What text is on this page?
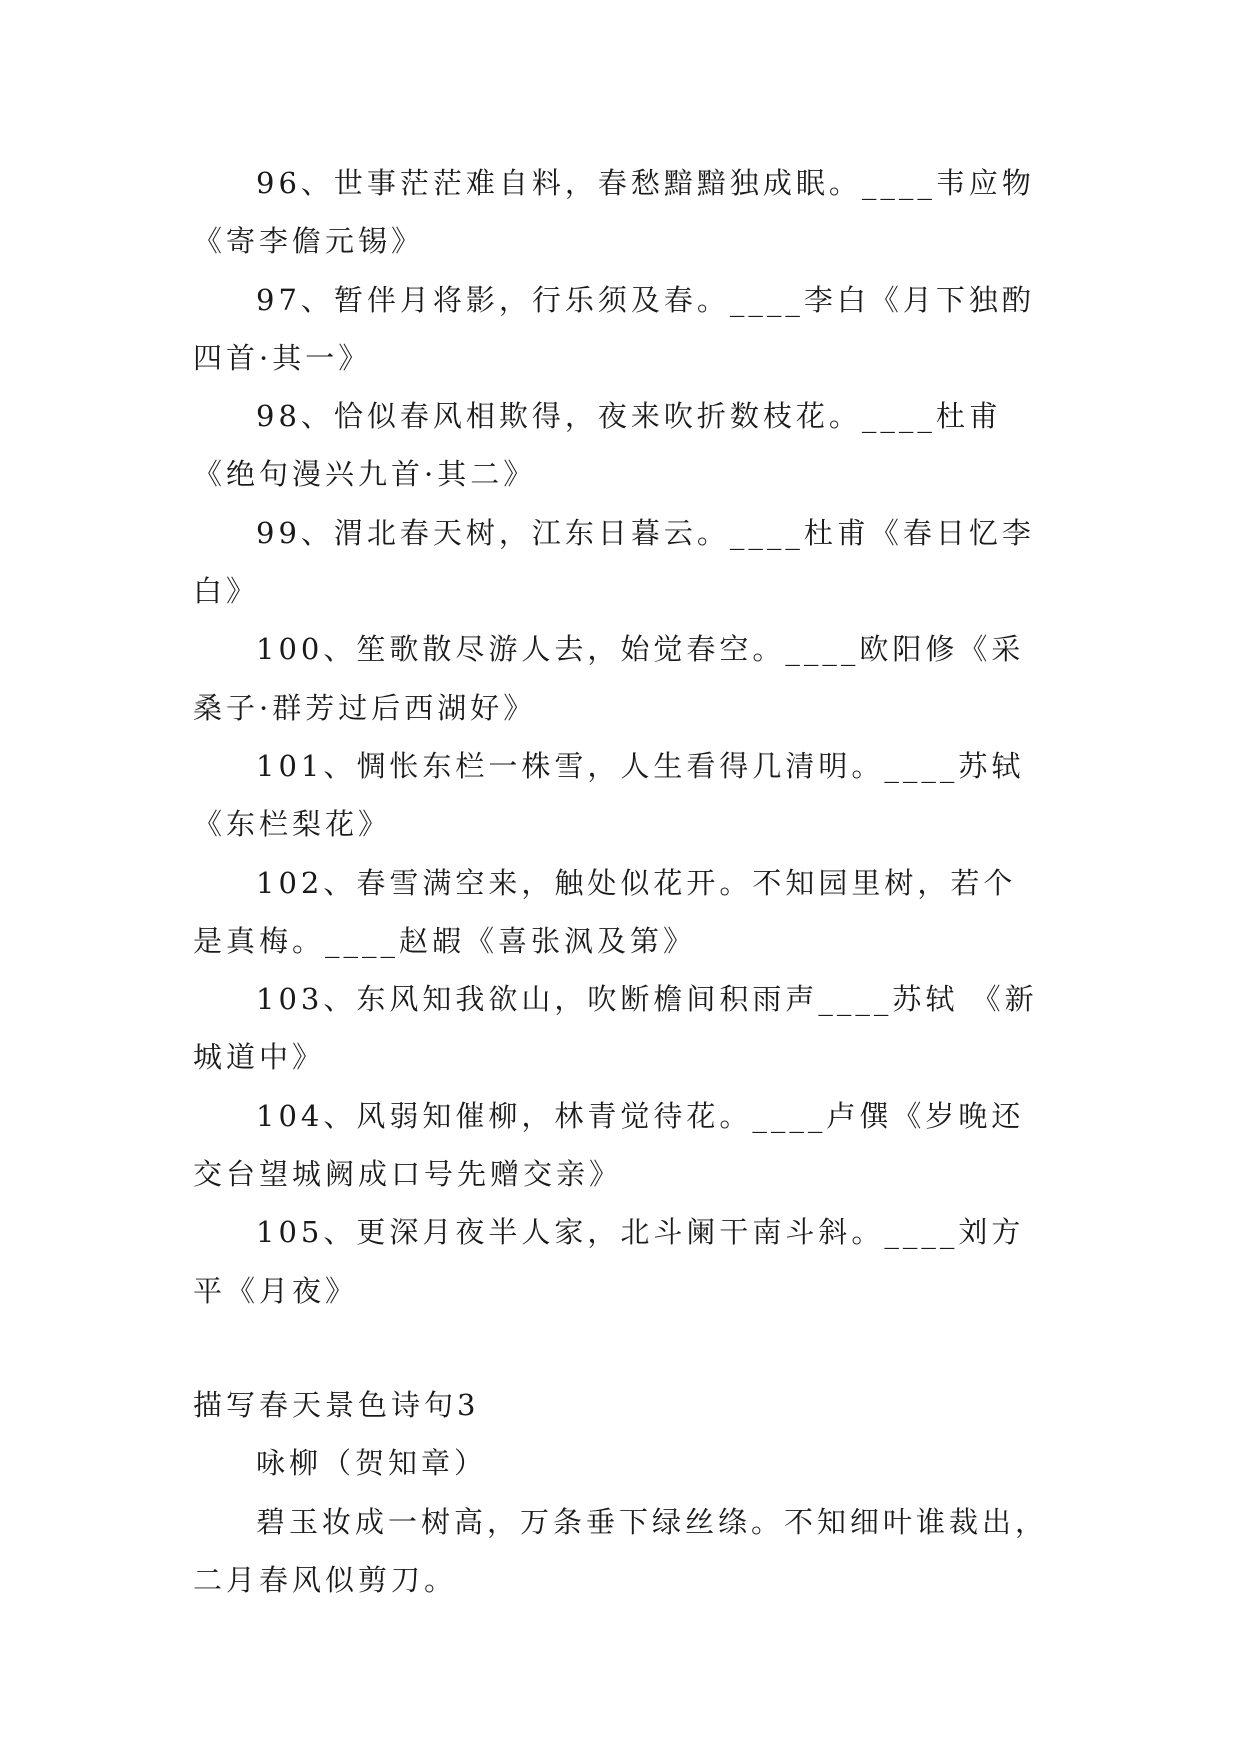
96、世事茫茫难自料，春愁黯黯独成眠。____韦应物《寄李儋元锡》

97、暂伴月将影，行乐须及春。____李白《月下独酌四首·其一》

98、恰似春风相欺得，夜来吹折数枝花。____杜甫《绝句漫兴九首·其二》

99、渭北春天树，江东日暮云。____杜甫《春日忆李白》

100、笙歌散尽游人去，始觉春空。____欧阳修《采桑子·群芳过后西湖好》

101、惆怅东栏一株雪，人生看得几清明。____苏轼《东栏梨花》

102、春雪满空来，触处似花开。不知园里树，若个是真梅。____赵嘏《喜张沨及第》

103、东风知我欲山，吹断檐间积雨声____苏轼 《新城道中》

104、风弱知催柳，林青觉待花。____卢僎《岁晚还交台望城阙成口号先赠交亲》

105、更深月夜半人家，北斗阑干南斗斜。____刘方平《月夜》

描写春天景色诗句3

咏柳（贺知章）

碧玉妆成一树高，万条垂下绿丝绦。不知细叶谁裁出，二月春风似剪刀。
